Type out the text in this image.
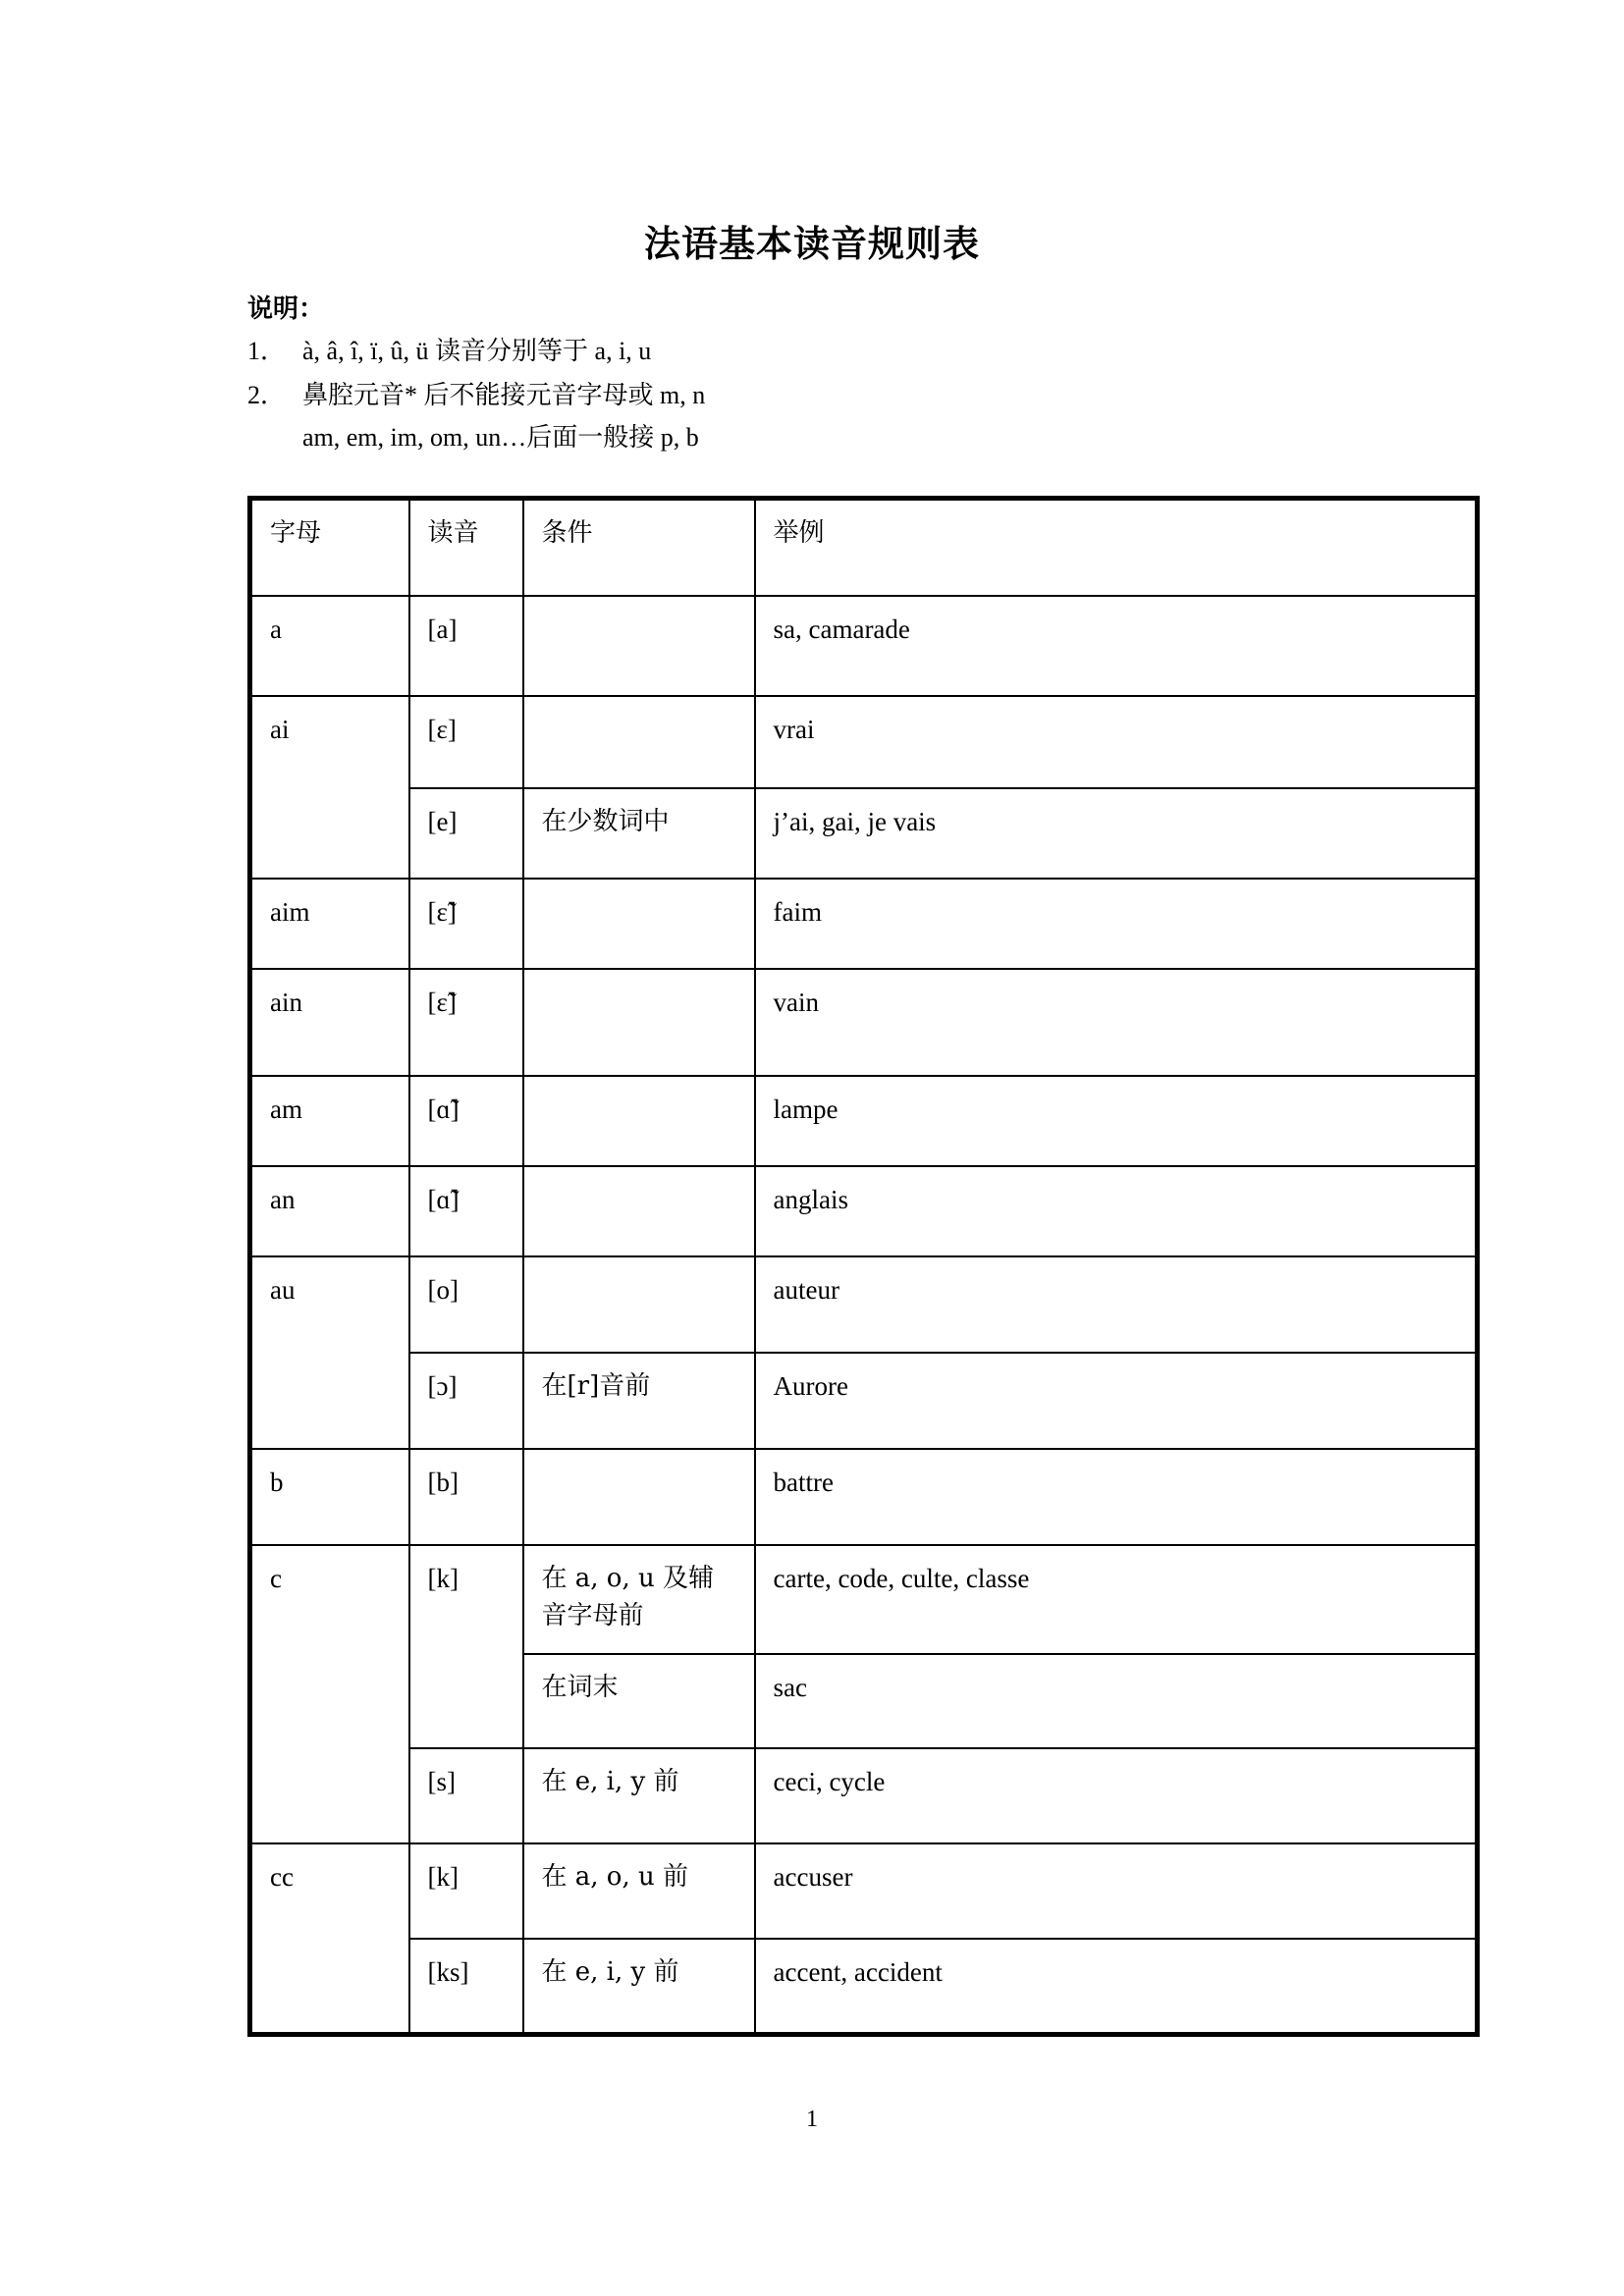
法语基本读音规则表
说明：
1． à, â, î, ï, û, ü 读音分别等于 a, i, u
2． 鼻腔元音* 后不能接元音字母或 m, n
am, em, im, om, un…后面一般接 p, b
字母	读音	条件	举例
a	[a]		sa, camarade
ai	[ɛ]		vrai
	[e]	在少数词中	j’ai, gai, je vais
aim	[ɛ̃]		faim
ain	[ɛ̃]		vain
am	[ɑ̃]		lampe
an	[ɑ̃]		anglais
au	[o]		auteur
	[ɔ]	在[r]音前	Aurore
b	[b]		battre
c	[k]	在 a, o, u 及辅音字母前	carte, code, culte, classe
		在词末	sac
	[s]	在 e, i, y 前	ceci, cycle
cc	[k]	在 a, o, u 前	accuser
	[ks]	在 e, i, y 前	accent, accident
1
